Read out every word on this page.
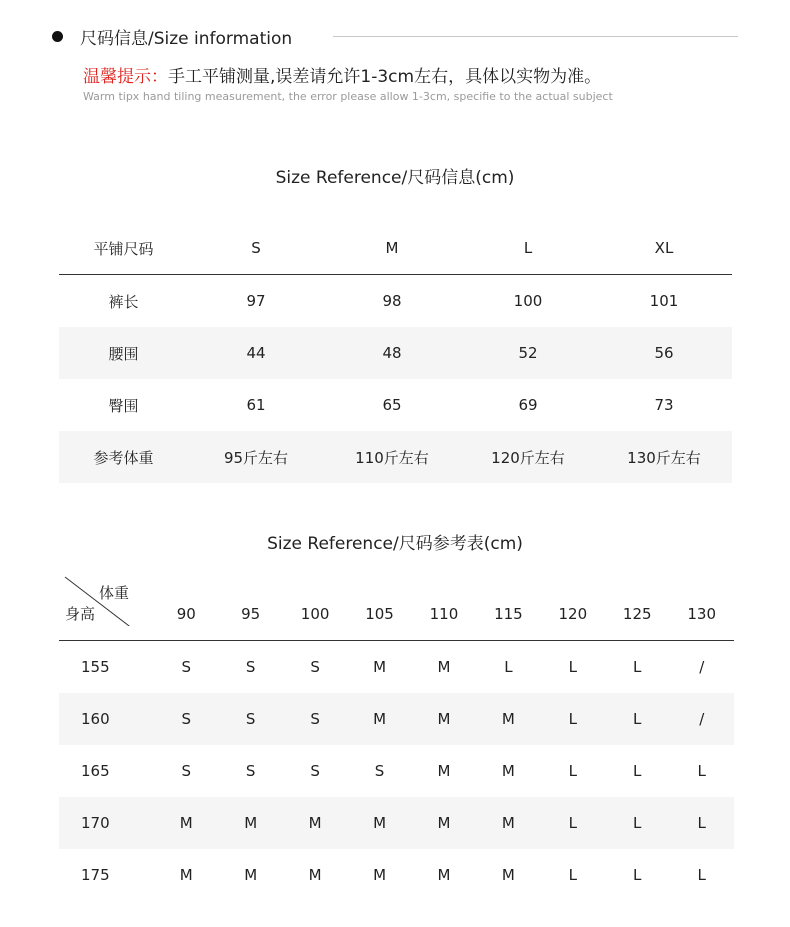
尺码信息/Size information
温馨提示：手工平铺测量,误差请允许1-3cm左右，具体以实物为准。
Warm tipx hand tiling measurement, the error please allow 1-3cm, specifie to the actual subject
Size Reference/尺码信息(cm)
平铺尺码	S	M	L	XL
裤长	97	98	100	101
腰围	44	48	52	56
臀围	61	65	69	73
参考体重	95斤左右	110斤左右	120斤左右	130斤左右
Size Reference/尺码参考表(cm)
体重
身高	90	95	100	105	110	115	120	125	130
155	S	S	S	M	M	L	L	L	/
160	S	S	S	M	M	M	L	L	/
165	S	S	S	S	M	M	L	L	L
170	M	M	M	M	M	M	L	L	L
175	M	M	M	M	M	M	L	L	L
